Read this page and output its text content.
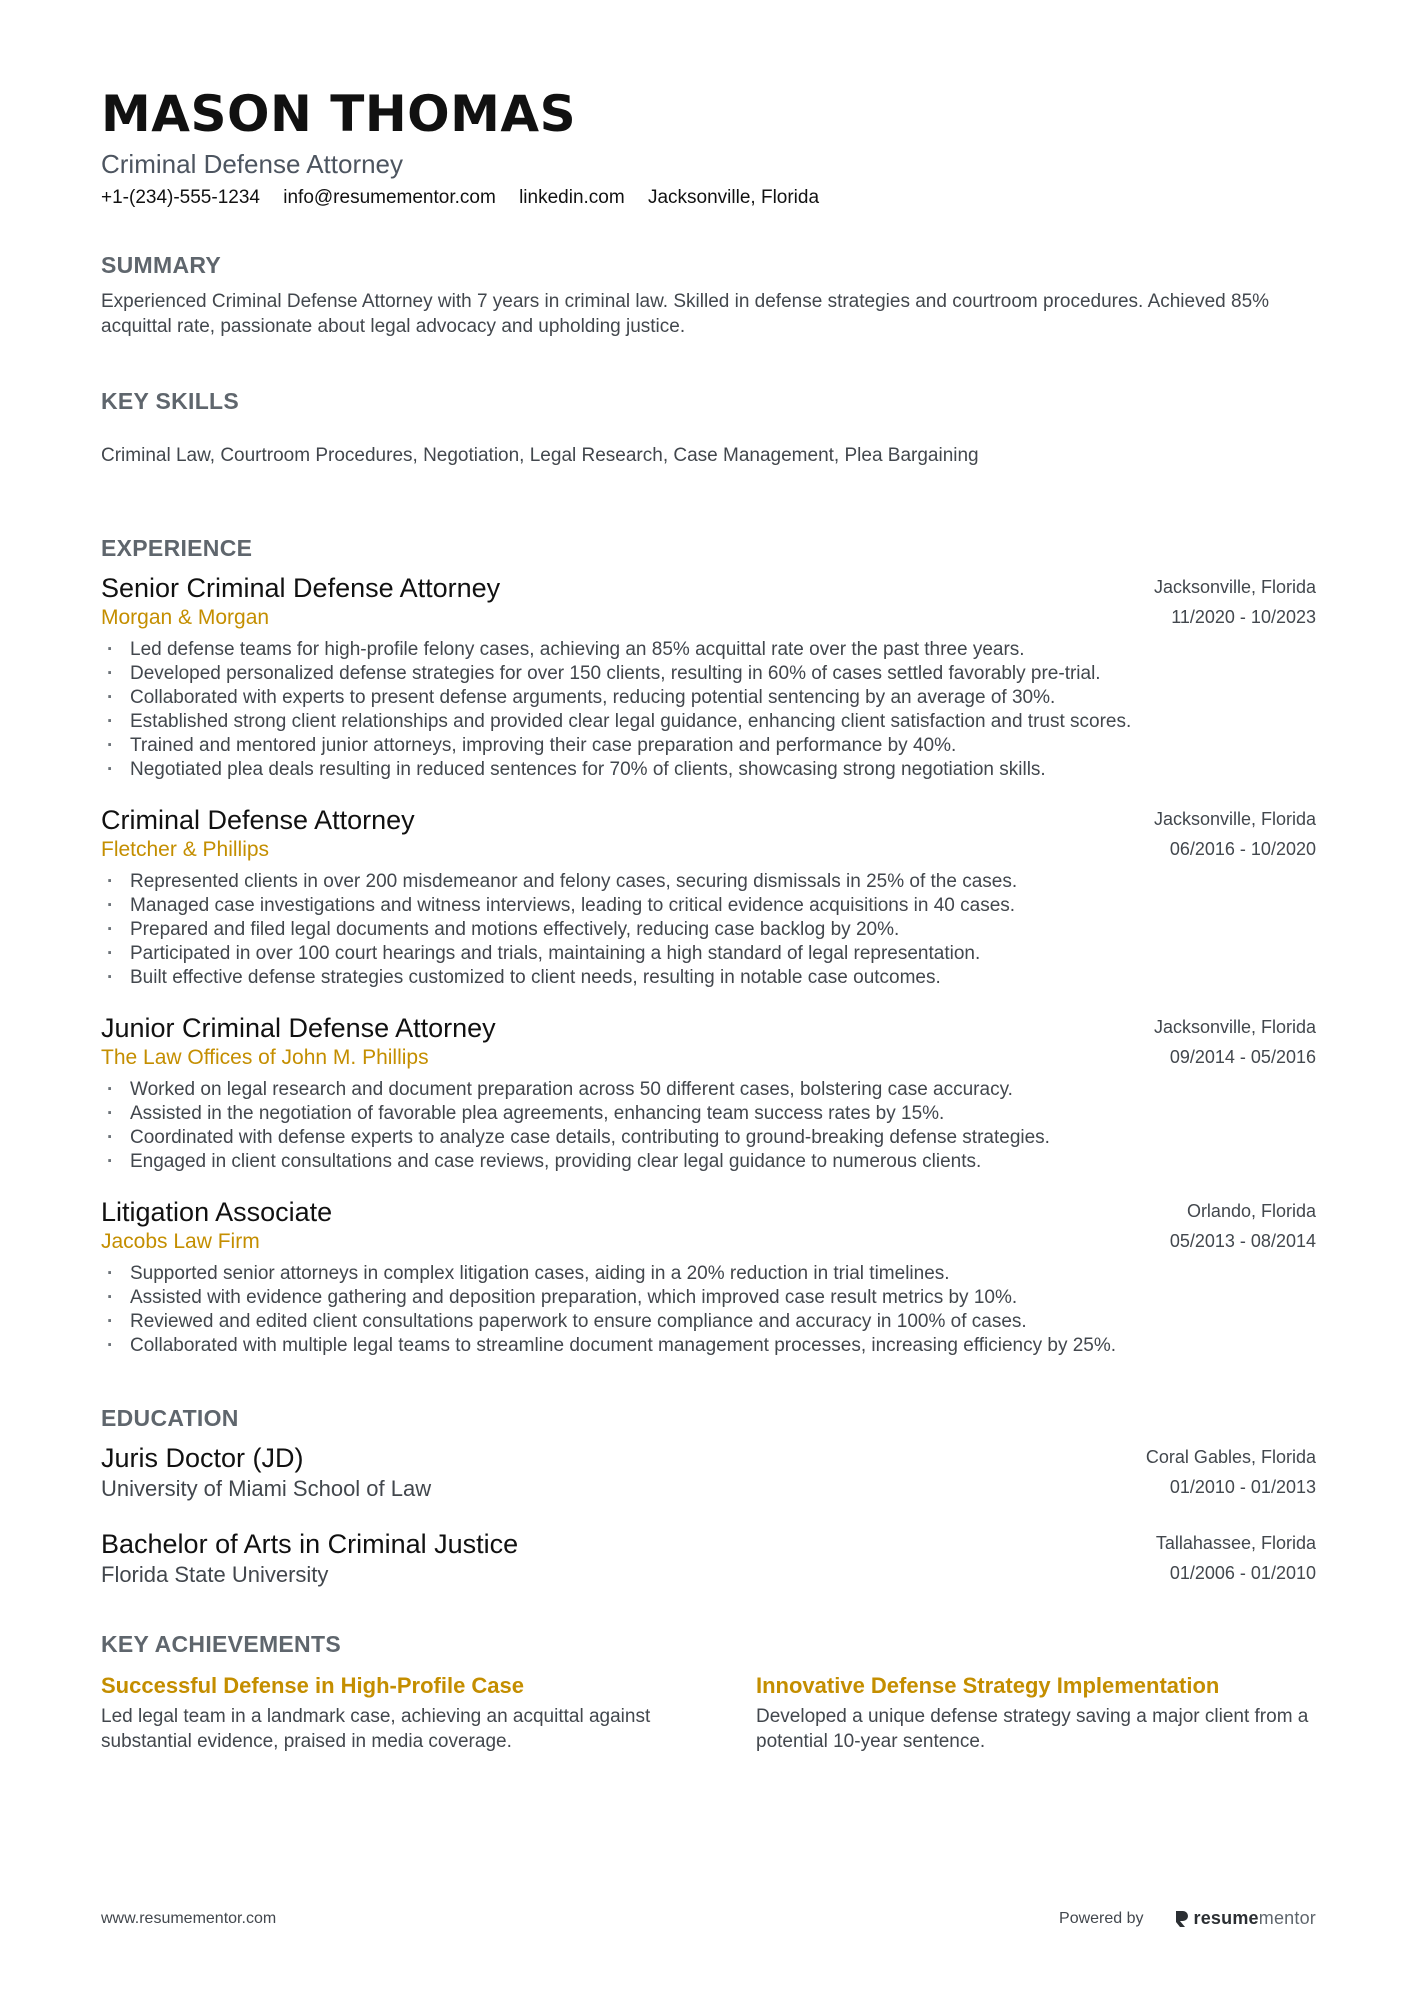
MASON THOMAS
Criminal Defense Attorney
+1-(234)-555-1234 info@resumementor.com linkedin.com Jacksonville, Florida
SUMMARY
Experienced Criminal Defense Attorney with 7 years in criminal law. Skilled in defense strategies and courtroom procedures. Achieved 85% acquittal rate, passionate about legal advocacy and upholding justice.
KEY SKILLS
Criminal Law, Courtroom Procedures, Negotiation, Legal Research, Case Management, Plea Bargaining
EXPERIENCE
Senior Criminal Defense Attorney
Morgan & Morgan
Jacksonville, Florida
11/2020 - 10/2023
· Led defense teams for high-profile felony cases, achieving an 85% acquittal rate over the past three years.
· Developed personalized defense strategies for over 150 clients, resulting in 60% of cases settled favorably pre-trial.
· Collaborated with experts to present defense arguments, reducing potential sentencing by an average of 30%.
· Established strong client relationships and provided clear legal guidance, enhancing client satisfaction and trust scores.
· Trained and mentored junior attorneys, improving their case preparation and performance by 40%.
· Negotiated plea deals resulting in reduced sentences for 70% of clients, showcasing strong negotiation skills.
Criminal Defense Attorney
Fletcher & Phillips
Jacksonville, Florida
06/2016 - 10/2020
· Represented clients in over 200 misdemeanor and felony cases, securing dismissals in 25% of the cases.
· Managed case investigations and witness interviews, leading to critical evidence acquisitions in 40 cases.
· Prepared and filed legal documents and motions effectively, reducing case backlog by 20%.
· Participated in over 100 court hearings and trials, maintaining a high standard of legal representation.
· Built effective defense strategies customized to client needs, resulting in notable case outcomes.
Junior Criminal Defense Attorney
The Law Offices of John M. Phillips
Jacksonville, Florida
09/2014 - 05/2016
· Worked on legal research and document preparation across 50 different cases, bolstering case accuracy.
· Assisted in the negotiation of favorable plea agreements, enhancing team success rates by 15%.
· Coordinated with defense experts to analyze case details, contributing to ground-breaking defense strategies.
· Engaged in client consultations and case reviews, providing clear legal guidance to numerous clients.
Litigation Associate
Jacobs Law Firm
Orlando, Florida
05/2013 - 08/2014
· Supported senior attorneys in complex litigation cases, aiding in a 20% reduction in trial timelines.
· Assisted with evidence gathering and deposition preparation, which improved case result metrics by 10%.
· Reviewed and edited client consultations paperwork to ensure compliance and accuracy in 100% of cases.
· Collaborated with multiple legal teams to streamline document management processes, increasing efficiency by 25%.
EDUCATION
Juris Doctor (JD)
University of Miami School of Law
Coral Gables, Florida
01/2010 - 01/2013
Bachelor of Arts in Criminal Justice
Florida State University
Tallahassee, Florida
01/2006 - 01/2010
KEY ACHIEVEMENTS
Successful Defense in High-Profile Case
Led legal team in a landmark case, achieving an acquittal against substantial evidence, praised in media coverage.
Innovative Defense Strategy Implementation
Developed a unique defense strategy saving a major client from a potential 10-year sentence.
www.resumementor.com	Powered by	resumementor
